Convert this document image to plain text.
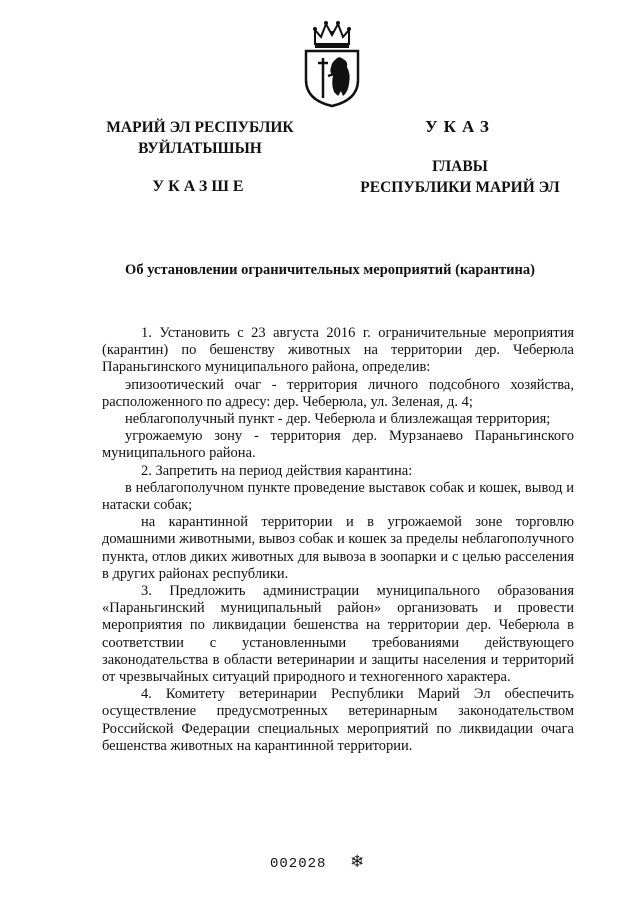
МАРИЙ ЭЛ РЕСПУБЛИК
ВУЙЛАТЫШЫН
УКАЗШЕ
УКАЗ
ГЛАВЫ
РЕСПУБЛИКИ МАРИЙ ЭЛ
Об установлении ограничительных мероприятий (карантина)

1. Установить с 23 августа 2016 г. ограничительные мероприятия (карантин) по бешенству животных на территории дер. Чеберюла Параньгинского муниципального района, определив:

эпизоотический очаг - территория личного подсобного хозяйства, расположенного по адресу: дер. Чеберюла, ул. Зеленая, д. 4;

неблагополучный пункт - дер. Чеберюла и близлежащая территория;

угрожаемую зону - территория дер. Мурзанаево Параньгинского муниципального района.

2. Запретить на период действия карантина:

в неблагополучном пункте проведение выставок собак и кошек, вывод и натаски собак;

на карантинной территории и в угрожаемой зоне торговлю домашними животными, вывоз собак и кошек за пределы неблагополучного пункта, отлов диких животных для вывоза в зоопарки и с целью расселения в других районах республики.

3. Предложить администрации муниципального образования «Параньгинский муниципальный район» организовать и провести мероприятия по ликвидации бешенства на территории дер. Чеберюла в соответствии с установленными требованиями действующего законодательства в области ветеринарии и защиты населения и территорий от чрезвычайных ситуаций природного и техногенного характера.

4. Комитету ветеринарии Республики Марий Эл обеспечить осуществление предусмотренных ветеринарным законодательством Российской Федерации специальных мероприятий по ликвидации очага бешенства животных на карантинной территории.

002028 ❄
